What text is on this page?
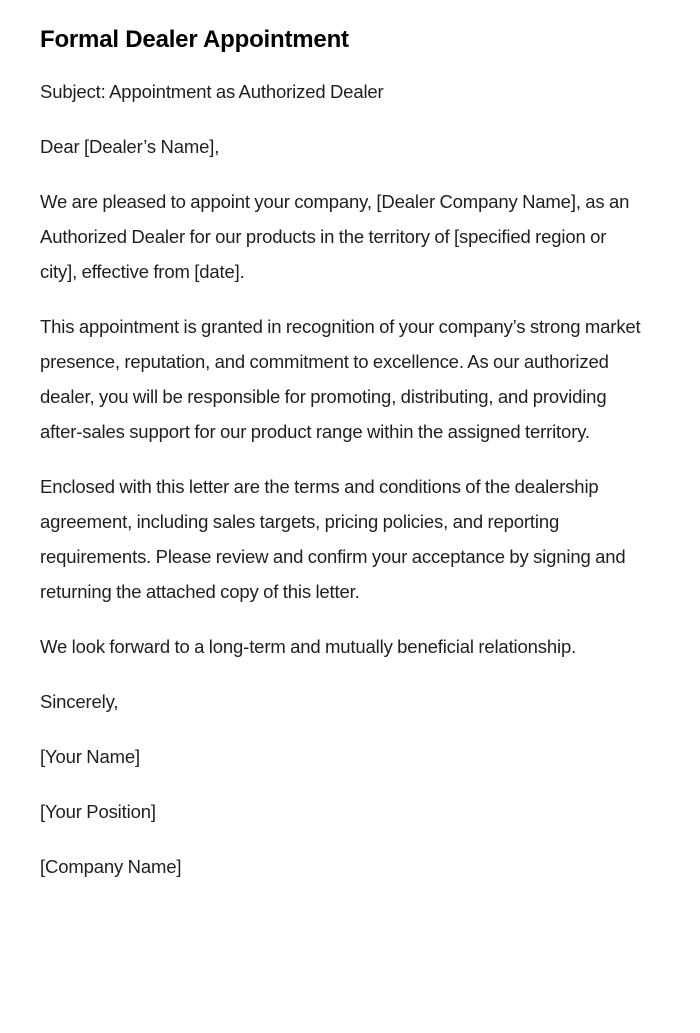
Formal Dealer Appointment

Subject: Appointment as Authorized Dealer

Dear [Dealer’s Name],

We are pleased to appoint your company, [Dealer Company Name], as an Authorized Dealer for our products in the territory of [specified region or city], effective from [date].

This appointment is granted in recognition of your company’s strong market presence, reputation, and commitment to excellence. As our authorized dealer, you will be responsible for promoting, distributing, and providing after-sales support for our product range within the assigned territory.

Enclosed with this letter are the terms and conditions of the dealership agreement, including sales targets, pricing policies, and reporting requirements. Please review and confirm your acceptance by signing and returning the attached copy of this letter.

We look forward to a long-term and mutually beneficial relationship.

Sincerely,

[Your Name]

[Your Position]

[Company Name]
